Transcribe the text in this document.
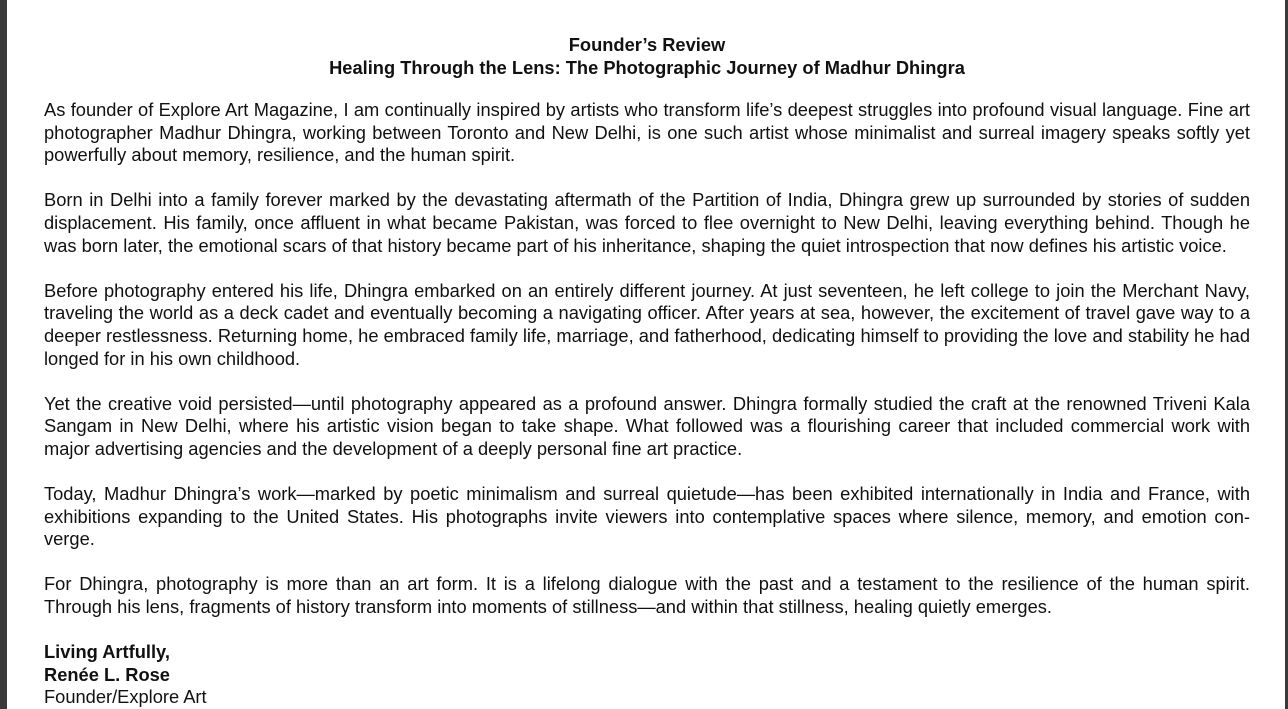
Founder’s Review

Healing Through the Lens: The Photographic Journey of Madhur Dhingra

As founder of Explore Art Magazine, I am continually inspired by artists who transform life’s deepest struggles into profound visual language. Fine art photographer Madhur Dhingra, working between Toronto and New Delhi, is one such artist whose minimalist and surreal imagery speaks softly yet powerfully about memory, resilience, and the human spirit.

Born in Delhi into a family forever marked by the devastating aftermath of the Partition of India, Dhingra grew up surrounded by stories of sudden displacement. His family, once affluent in what became Pakistan, was forced to flee overnight to New Delhi, leaving everything behind. Though he was born later, the emotional scars of that history became part of his inheritance, shaping the quiet introspection that now defines his artistic voice.

Before photography entered his life, Dhingra embarked on an entirely different journey. At just seventeen, he left college to join the Merchant Navy, traveling the world as a deck cadet and eventually becoming a navigating officer. After years at sea, however, the excitement of travel gave way to a deeper restlessness. Returning home, he embraced family life, marriage, and fatherhood, dedicating himself to providing the love and stability he had longed for in his own childhood.

Yet the creative void persisted—until photography appeared as a profound answer. Dhingra formally studied the craft at the renowned Triveni Kala Sangam in New Delhi, where his artistic vision began to take shape. What followed was a flourishing career that included commercial work with major advertising agencies and the development of a deeply personal fine art practice.

Today, Madhur Dhingra’s work—marked by poetic minimalism and surreal quietude—has been exhibited internationally in India and France, with exhibitions expanding to the United States. His photographs invite viewers into contemplative spaces where silence, memory, and emotion con-verge.

For Dhingra, photography is more than an art form. It is a lifelong dialogue with the past and a testament to the resilience of the human spirit. Through his lens, fragments of history transform into moments of stillness—and within that stillness, healing quietly emerges.

Living Artfully,

Renée L. Rose

Founder/Explore Art
